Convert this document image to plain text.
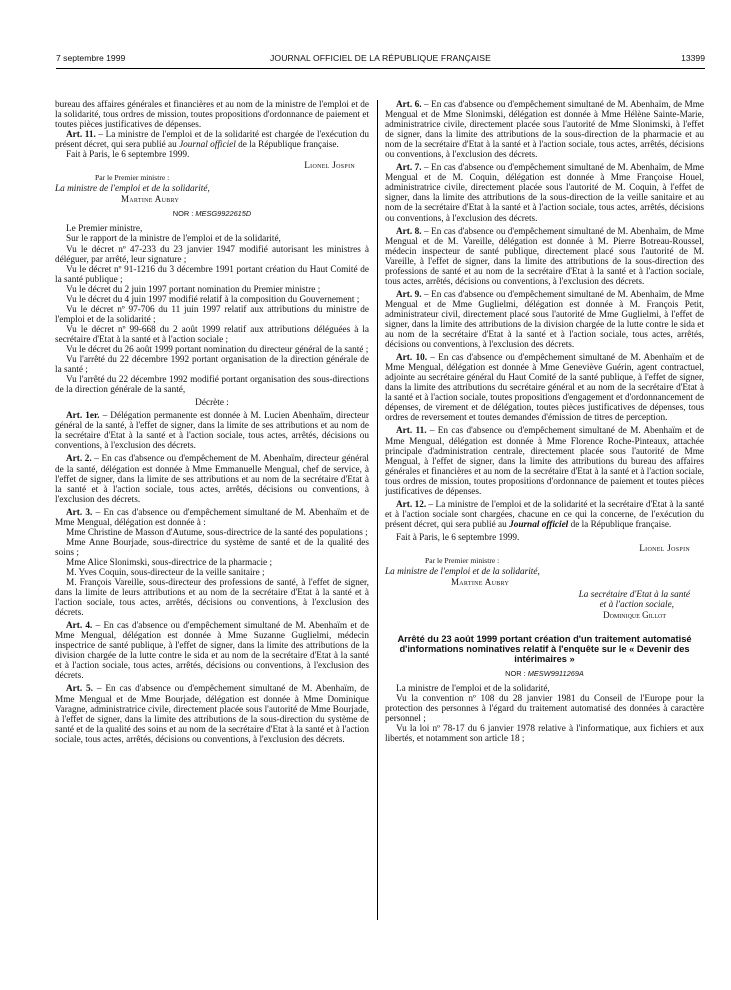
7 septembre 1999	JOURNAL OFFICIEL DE LA RÉPUBLIQUE FRANÇAISE	13399

bureau des affaires générales et financières et au nom de la ministre de l'emploi et de la solidarité, tous ordres de mission, toutes propositions d'ordonnance de paiement et toutes pièces justificatives de dépenses.

Art. 11. – La ministre de l'emploi et de la solidarité est chargée de l'exécution du présent décret, qui sera publié au Journal officiel de la République française.

Fait à Paris, le 6 septembre 1999.

Lionel Jospin
Par le Premier ministre :
La ministre de l'emploi et de la solidarité,
Martine Aubry
NOR : MESG9922615D

Le Premier ministre,

Sur le rapport de la ministre de l'emploi et de la solidarité,

Vu le décret nº 47-233 du 23 janvier 1947 modifié autorisant les ministres à déléguer, par arrêté, leur signature ;

Vu le décret nº 91-1216 du 3 décembre 1991 portant création du Haut Comité de la santé publique ;

Vu le décret du 2 juin 1997 portant nomination du Premier ministre ;

Vu le décret du 4 juin 1997 modifié relatif à la composition du Gouvernement ;

Vu le décret nº 97-706 du 11 juin 1997 relatif aux attributions du ministre de l'emploi et de la solidarité ;

Vu le décret nº 99-668 du 2 août 1999 relatif aux attributions déléguées à la secrétaire d'Etat à la santé et à l'action sociale ;

Vu le décret du 26 août 1999 portant nomination du directeur général de la santé ;

Vu l'arrêté du 22 décembre 1992 portant organisation de la direction générale de la santé ;

Vu l'arrêté du 22 décembre 1992 modifié portant organisation des sous-directions de la direction générale de la santé,

Décrète :

Art. 1er. – Délégation permanente est donnée à M. Lucien Abenhaïm, directeur général de la santé, à l'effet de signer, dans la limite de ses attributions et au nom de la secrétaire d'Etat à la santé et à l'action sociale, tous actes, arrêtés, décisions ou conventions, à l'exclusion des décrets.

Art. 2. – En cas d'absence ou d'empêchement de M. Abenhaïm, directeur général de la santé, délégation est donnée à Mme Emmanuelle Mengual, chef de service, à l'effet de signer, dans la limite de ses attributions et au nom de la secrétaire d'Etat à la santé et à l'action sociale, tous actes, arrêtés, décisions ou conventions, à l'exclusion des décrets.

Art. 3. – En cas d'absence ou d'empêchement simultané de M. Abenhaïm et de Mme Mengual, délégation est donnée à :

Mme Christine de Masson d'Autume, sous-directrice de la santé des populations ;

Mme Anne Bourjade, sous-directrice du système de santé et de la qualité des soins ;

Mme Alice Slonimski, sous-directrice de la pharmacie ;

M. Yves Coquin, sous-directeur de la veille sanitaire ;

M. François Vareille, sous-directeur des professions de santé, à l'effet de signer, dans la limite de leurs attributions et au nom de la secrétaire d'Etat à la santé et à l'action sociale, tous actes, arrêtés, décisions ou conventions, à l'exclusion des décrets.

Art. 4. – En cas d'absence ou d'empêchement simultané de M. Abenhaïm et de Mme Mengual, délégation est donnée à Mme Suzanne Guglielmi, médecin inspectrice de santé publique, à l'effet de signer, dans la limite des attributions de la division chargée de la lutte contre le sida et au nom de la secrétaire d'Etat à la santé et à l'action sociale, tous actes, arrêtés, décisions ou conventions, à l'exclusion des décrets.

Art. 5. – En cas d'absence ou d'empêchement simultané de M. Abenhaïm, de Mme Mengual et de Mme Bourjade, délégation est donnée à Mme Dominique Varagne, administratrice civile, directement placée sous l'autorité de Mme Bourjade, à l'effet de signer, dans la limite des attributions de la sous-direction du système de santé et de la qualité des soins et au nom de la secrétaire d'Etat à la santé et à l'action sociale, tous actes, arrêtés, décisions ou conventions, à l'exclusion des décrets.

Art. 6. – En cas d'absence ou d'empêchement simultané de M. Abenhaïm, de Mme Mengual et de Mme Slonimski, délégation est donnée à Mme Hélène Sainte-Marie, administratrice civile, directement placée sous l'autorité de Mme Slonimski, à l'effet de signer, dans la limite des attributions de la sous-direction de la pharmacie et au nom de la secrétaire d'Etat à la santé et à l'action sociale, tous actes, arrêtés, décisions ou conventions, à l'exclusion des décrets.

Art. 7. – En cas d'absence ou d'empêchement simultané de M. Abenhaïm, de Mme Mengual et de M. Coquin, délégation est donnée à Mme Françoise Houel, administratrice civile, directement placée sous l'autorité de M. Coquin, à l'effet de signer, dans la limite des attributions de la sous-direction de la veille sanitaire et au nom de la secrétaire d'Etat à la santé et à l'action sociale, tous actes, arrêtés, décisions ou conventions, à l'exclusion des décrets.

Art. 8. – En cas d'absence ou d'empêchement simultané de M. Abenhaïm, de Mme Mengual et de M. Vareille, délégation est donnée à M. Pierre Botreau-Roussel, médecin inspecteur de santé publique, directement placé sous l'autorité de M. Vareille, à l'effet de signer, dans la limite des attributions de la sous-direction des professions de santé et au nom de la secrétaire d'Etat à la santé et à l'action sociale, tous actes, arrêtés, décisions ou conventions, à l'exclusion des décrets.

Art. 9. – En cas d'absence ou d'empêchement simultané de M. Abenhaïm, de Mme Mengual et de Mme Guglielmi, délégation est donnée à M. François Petit, administrateur civil, directement placé sous l'autorité de Mme Guglielmi, à l'effet de signer, dans la limite des attributions de la division chargée de la lutte contre le sida et au nom de la secrétaire d'Etat à la santé et à l'action sociale, tous actes, arrêtés, décisions ou conventions, à l'exclusion des décrets.

Art. 10. – En cas d'absence ou d'empêchement simultané de M. Abenhaïm et de Mme Mengual, délégation est donnée à Mme Geneviève Guérin, agent contractuel, adjointe au secrétaire général du Haut Comité de la santé publique, à l'effet de signer, dans la limite des attributions du secrétaire général et au nom de la secrétaire d'Etat à la santé et à l'action sociale, toutes propositions d'engagement et d'ordonnancement de dépenses, de virement et de délégation, toutes pièces justificatives de dépenses, tous ordres de reversement et toutes demandes d'émission de titres de perception.

Art. 11. – En cas d'absence ou d'empêchement simultané de M. Abenhaïm et de Mme Mengual, délégation est donnée à Mme Florence Roche-Pinteaux, attachée principale d'administration centrale, directement placée sous l'autorité de Mme Mengual, à l'effet de signer, dans la limite des attributions du bureau des affaires générales et financières et au nom de la secrétaire d'Etat à la santé et à l'action sociale, tous ordres de mission, toutes propositions d'ordonnance de paiement et toutes pièces justificatives de dépenses.

Art. 12. – La ministre de l'emploi et de la solidarité et la secrétaire d'Etat à la santé et à l'action sociale sont chargées, chacune en ce qui la concerne, de l'exécution du présent décret, qui sera publié au Journal officiel de la République française.

Fait à Paris, le 6 septembre 1999.

Lionel Jospin
Par le Premier ministre :
La ministre de l'emploi et de la solidarité,
Martine Aubry
La secrétaire d'Etat à la santé
et à l'action sociale,
Dominique Gillot
Arrêté du 23 août 1999 portant création d'un traitement automatisé d'informations nominatives relatif à l'enquête sur le « Devenir des intérimaires »
NOR : MESW9911269A

La ministre de l'emploi et de la solidarité,

Vu la convention nº 108 du 28 janvier 1981 du Conseil de l'Europe pour la protection des personnes à l'égard du traitement automatisé des données à caractère personnel ;

Vu la loi nº 78-17 du 6 janvier 1978 relative à l'informatique, aux fichiers et aux libertés, et notamment son article 18 ;
